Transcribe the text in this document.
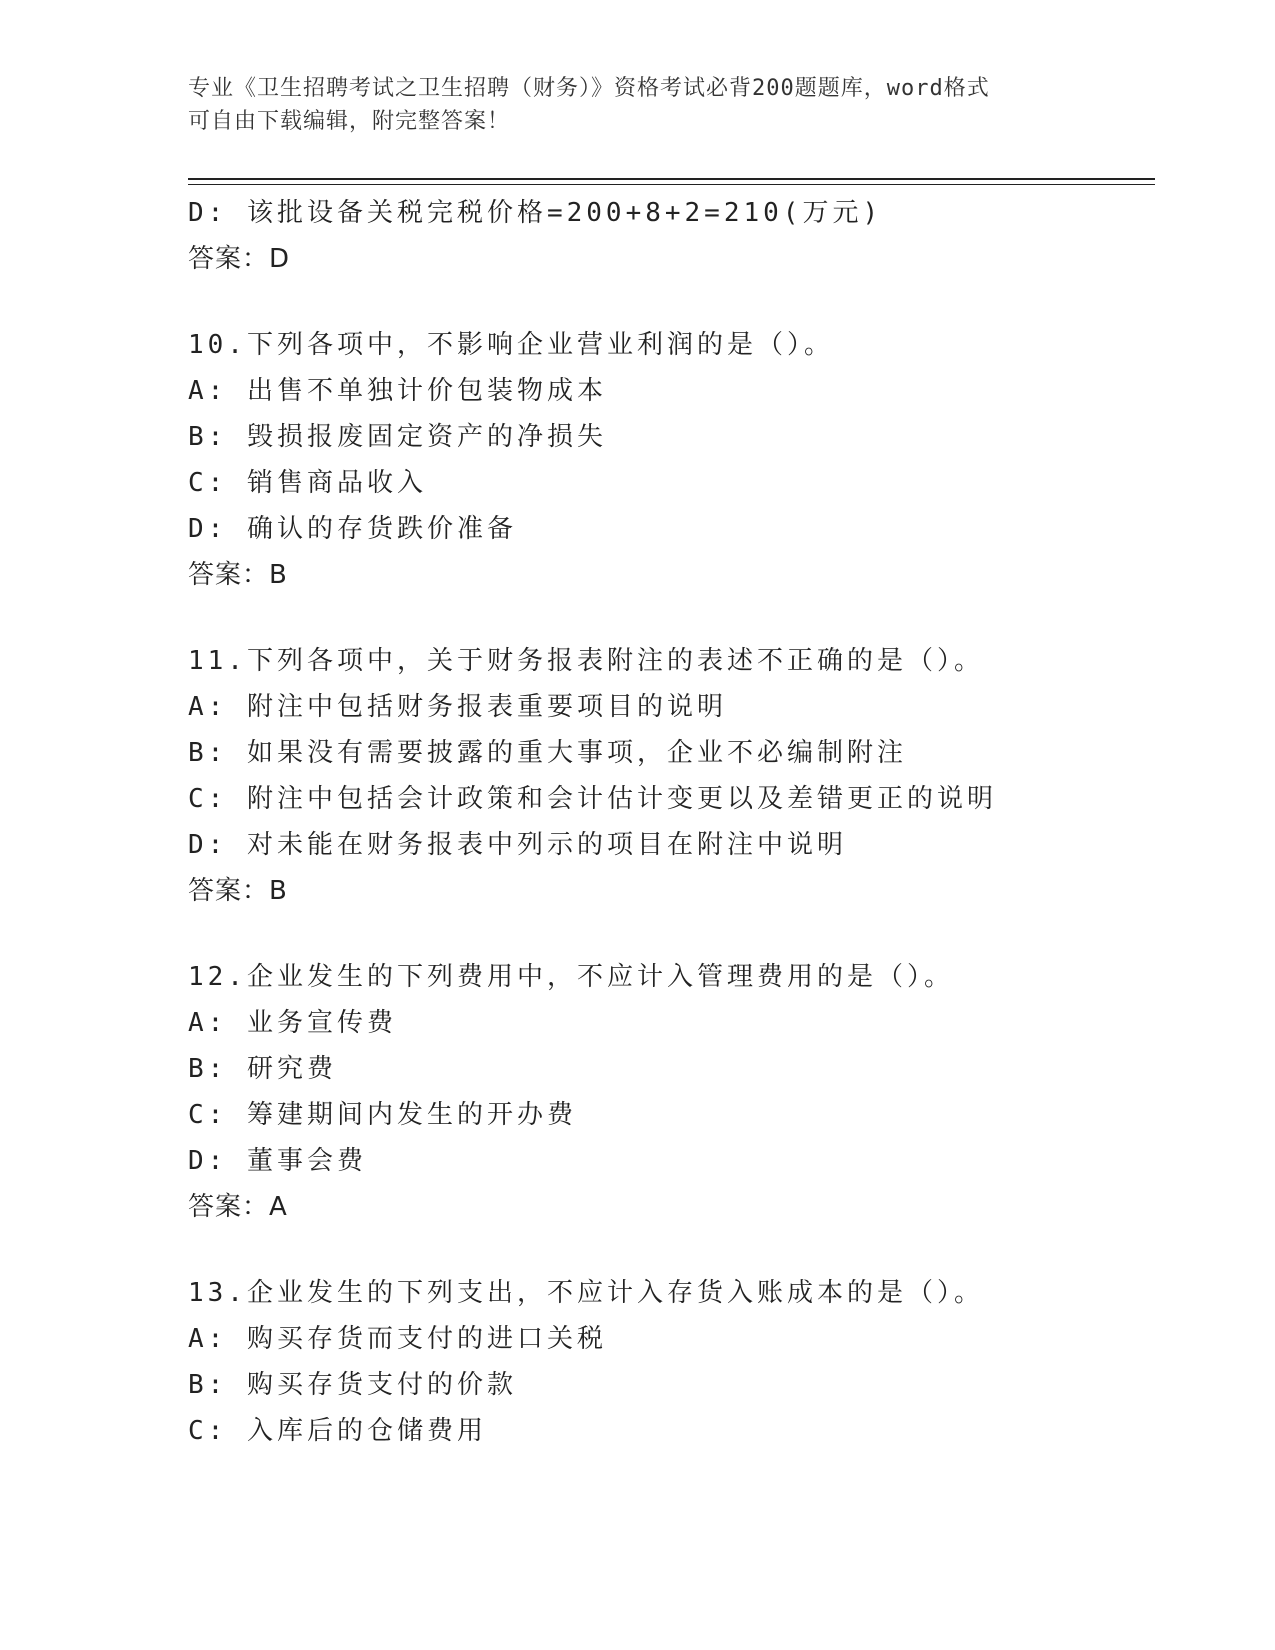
专业《卫生招聘考试之卫生招聘（财务）》资格考试必背200题题库，word格式
可自由下载编辑，附完整答案！
D: 该批设备关税完税价格=200+8+2=210(万元)
答案：D
10.下列各项中，不影响企业营业利润的是（）。
A: 出售不单独计价包装物成本
B: 毁损报废固定资产的净损失
C: 销售商品收入
D: 确认的存货跌价准备
答案：B
11.下列各项中，关于财务报表附注的表述不正确的是（）。
A: 附注中包括财务报表重要项目的说明
B: 如果没有需要披露的重大事项，企业不必编制附注
C: 附注中包括会计政策和会计估计变更以及差错更正的说明
D: 对未能在财务报表中列示的项目在附注中说明
答案：B
12.企业发生的下列费用中，不应计入管理费用的是（）。
A: 业务宣传费
B: 研究费
C: 筹建期间内发生的开办费
D: 董事会费
答案：A
13.企业发生的下列支出，不应计入存货入账成本的是（）。
A: 购买存货而支付的进口关税
B: 购买存货支付的价款
C: 入库后的仓储费用
